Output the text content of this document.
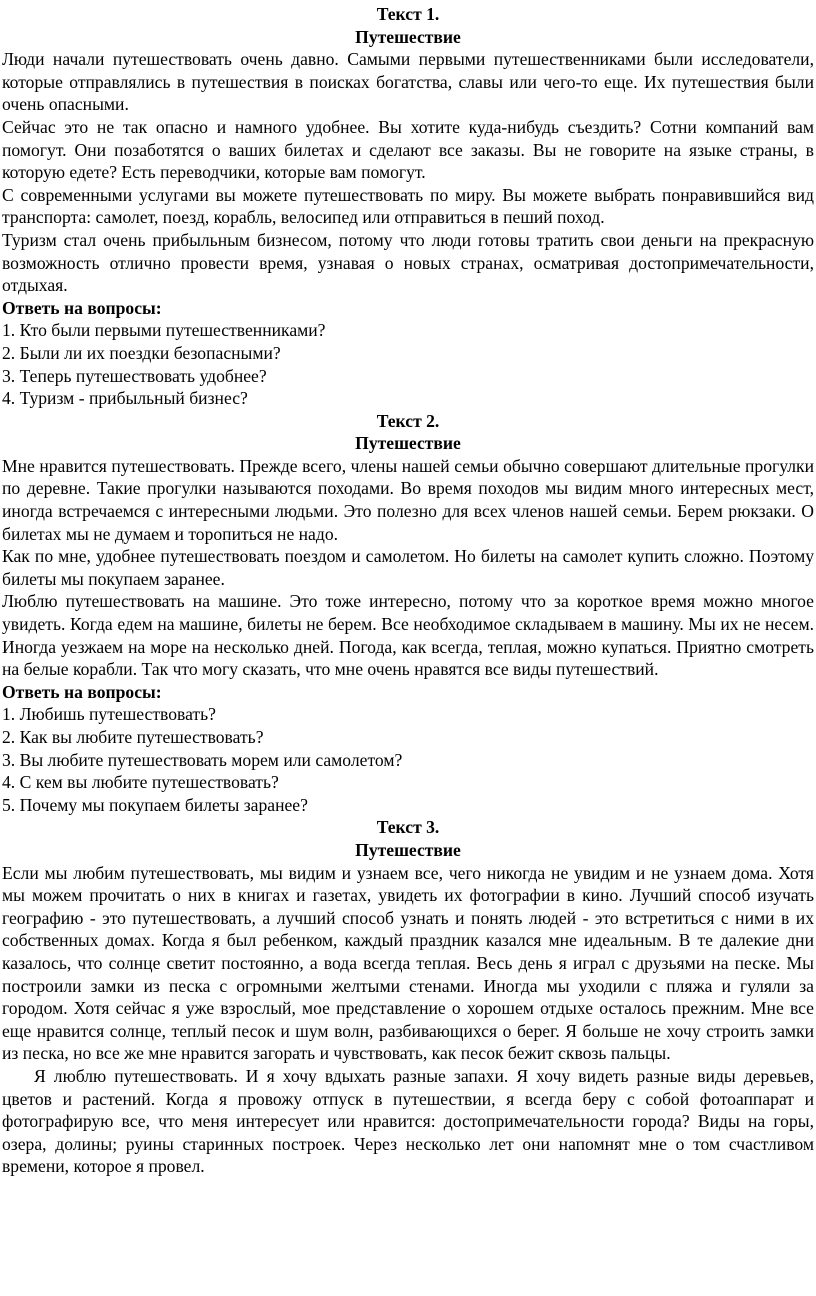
Текст 1.

Путешествие

Люди начали путешествовать очень давно. Самыми первыми путешественниками были исследователи, которые отправлялись в путешествия в поисках богатства, славы или чего-то еще. Их путешествия были очень опасными.

Сейчас это не так опасно и намного удобнее. Вы хотите куда-нибудь съездить? Сотни компаний вам помогут. Они позаботятся о ваших билетах и сделают все заказы. Вы не говорите на языке страны, в которую едете? Есть переводчики, которые вам помогут.

С современными услугами вы можете путешествовать по миру. Вы можете выбрать понравившийся вид транспорта: самолет, поезд, корабль, велосипед или отправиться в пеший поход.

Туризм стал очень прибыльным бизнесом, потому что люди готовы тратить свои деньги на прекрасную возможность отлично провести время, узнавая о новых странах, осматривая достопримечательности, отдыхая.

Ответь на вопросы:

1. Кто были первыми путешественниками?

2. Были ли их поездки безопасными?

3. Теперь путешествовать удобнее?

4. Туризм - прибыльный бизнес?

Текст 2.

Путешествие

Мне нравится путешествовать. Прежде всего, члены нашей семьи обычно совершают длительные прогулки по деревне. Такие прогулки называются походами. Во время походов мы видим много интересных мест, иногда встречаемся с интересными людьми. Это полезно для всех членов нашей семьи. Берем рюкзаки. О билетах мы не думаем и торопиться не надо.

Как по мне, удобнее путешествовать поездом и самолетом. Но билеты на самолет купить сложно. Поэтому билеты мы покупаем заранее.

Люблю путешествовать на машине. Это тоже интересно, потому что за короткое время можно многое увидеть. Когда едем на машине, билеты не берем. Все необходимое складываем в машину. Мы их не несем. Иногда уезжаем на море на несколько дней. Погода, как всегда, теплая, можно купаться. Приятно смотреть на белые корабли. Так что могу сказать, что мне очень нравятся все виды путешествий.

Ответь на вопросы:

1. Любишь путешествовать?

2. Как вы любите путешествовать?

3. Вы любите путешествовать морем или самолетом?

4. С кем вы любите путешествовать?

5. Почему мы покупаем билеты заранее?

Текст 3.

Путешествие

Если мы любим путешествовать, мы видим и узнаем все, чего никогда не увидим и не узнаем дома. Хотя мы можем прочитать о них в книгах и газетах, увидеть их фотографии в кино. Лучший способ изучать географию - это путешествовать, а лучший способ узнать и понять людей - это встретиться с ними в их собственных домах. Когда я был ребенком, каждый праздник казался мне идеальным. В те далекие дни казалось, что солнце светит постоянно, а вода всегда теплая. Весь день я играл с друзьями на песке. Мы построили замки из песка с огромными желтыми стенами. Иногда мы уходили с пляжа и гуляли за городом. Хотя сейчас я уже взрослый, мое представление о хорошем отдыхе осталось прежним. Мне все еще нравится солнце, теплый песок и шум волн, разбивающихся о берег. Я больше не хочу строить замки из песка, но все же мне нравится загорать и чувствовать, как песок бежит сквозь пальцы.

Я люблю путешествовать. И я хочу вдыхать разные запахи. Я хочу видеть разные виды деревьев, цветов и растений. Когда я провожу отпуск в путешествии, я всегда беру с собой фотоаппарат и фотографирую все, что меня интересует или нравится: достопримечательности города? Виды на горы, озера, долины; руины старинных построек. Через несколько лет они напомнят мне о том счастливом времени, которое я провел.
